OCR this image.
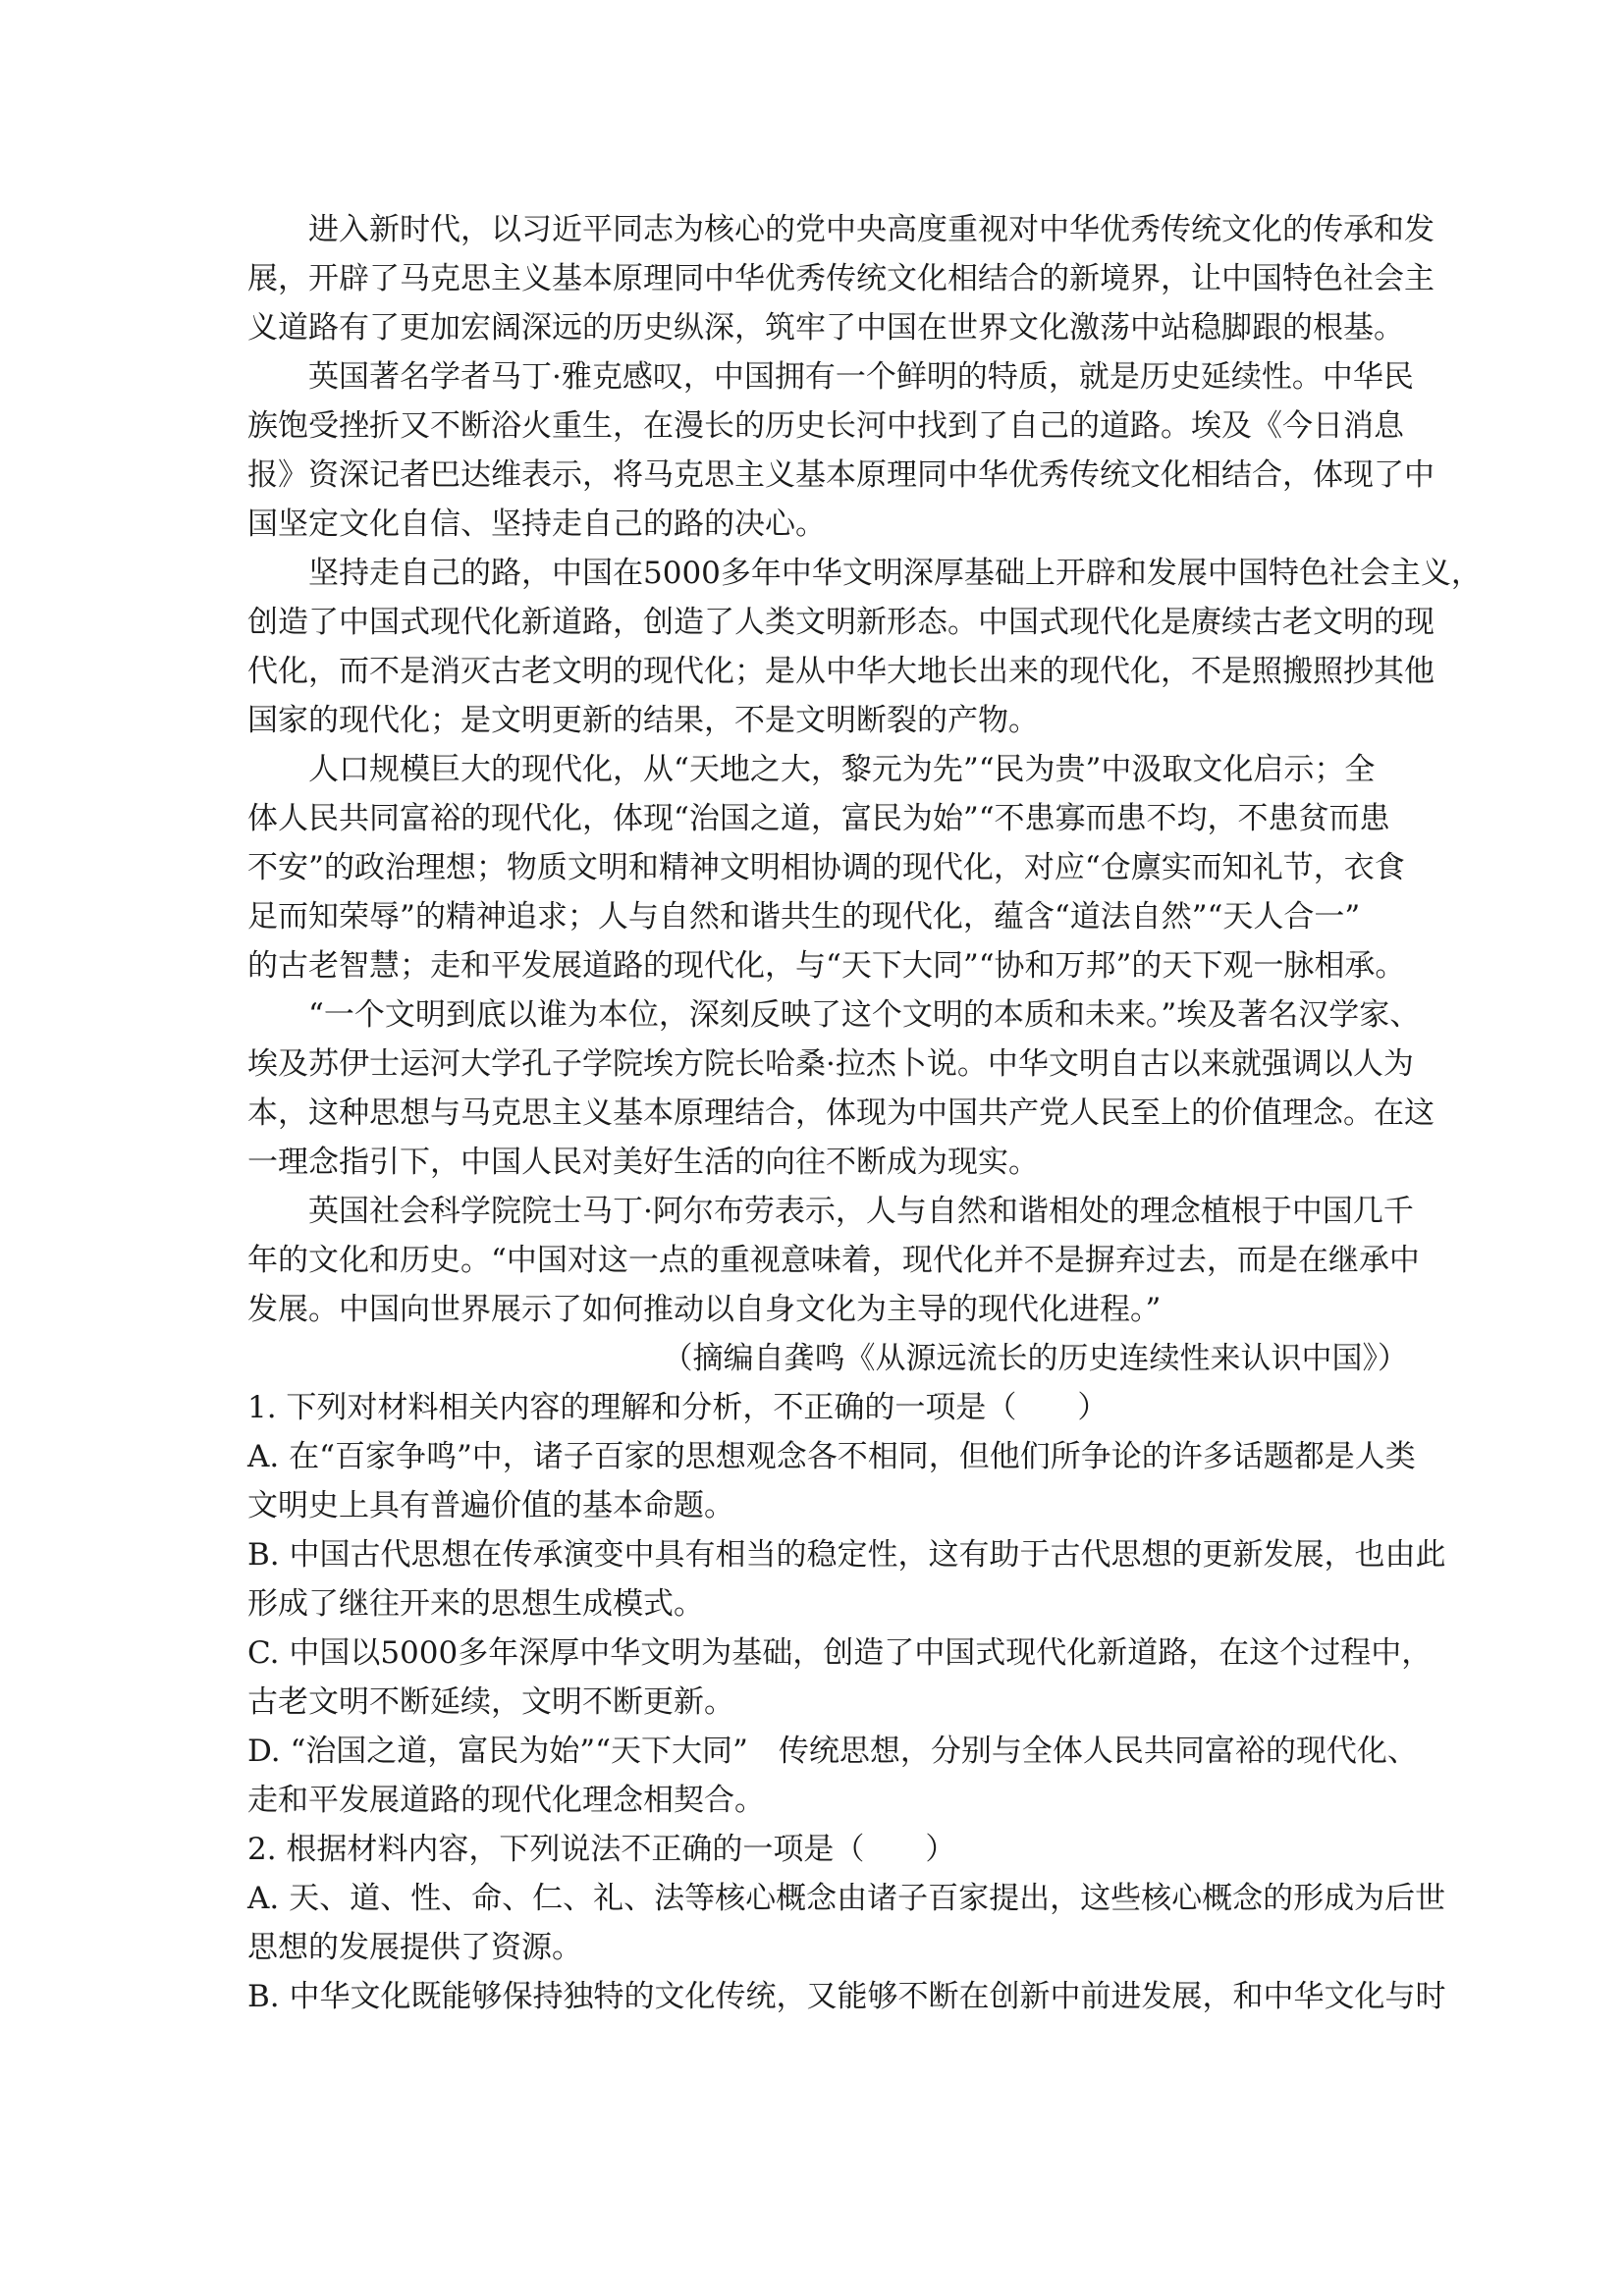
进入新时代，以习近平同志为核心的党中央高度重视对中华优秀传统文化的传承和发
展，开辟了马克思主义基本原理同中华优秀传统文化相结合的新境界，让中国特色社会主
义道路有了更加宏阔深远的历史纵深，筑牢了中国在世界文化激荡中站稳脚跟的根基。
英国著名学者马丁·雅克感叹，中国拥有一个鲜明的特质，就是历史延续性。中华民
族饱受挫折又不断浴火重生，在漫长的历史长河中找到了自己的道路。埃及《今日消息
报》资深记者巴达维表示，将马克思主义基本原理同中华优秀传统文化相结合，体现了中
国坚定文化自信、坚持走自己的路的决心。
坚持走自己的路，中国在5000多年中华文明深厚基础上开辟和发展中国特色社会主义，
创造了中国式现代化新道路，创造了人类文明新形态。中国式现代化是赓续古老文明的现
代化，而不是消灭古老文明的现代化；是从中华大地长出来的现代化，不是照搬照抄其他
国家的现代化；是文明更新的结果，不是文明断裂的产物。
人口规模巨大的现代化，从“天地之大，黎元为先”“民为贵”中汲取文化启示；全
体人民共同富裕的现代化，体现“治国之道，富民为始”“不患寡而患不均，不患贫而患
不安”的政治理想；物质文明和精神文明相协调的现代化，对应“仓廪实而知礼节，衣食
足而知荣辱”的精神追求；人与自然和谐共生的现代化，蕴含“道法自然”“天人合一”
的古老智慧；走和平发展道路的现代化，与“天下大同”“协和万邦”的天下观一脉相承。
“一个文明到底以谁为本位，深刻反映了这个文明的本质和未来。”埃及著名汉学家、
埃及苏伊士运河大学孔子学院埃方院长哈桑·拉杰卜说。中华文明自古以来就强调以人为
本，这种思想与马克思主义基本原理结合，体现为中国共产党人民至上的价值理念。在这
一理念指引下，中国人民对美好生活的向往不断成为现实。
英国社会科学院院士马丁·阿尔布劳表示，人与自然和谐相处的理念植根于中国几千
年的文化和历史。“中国对这一点的重视意味着，现代化并不是摒弃过去，而是在继承中
发展。中国向世界展示了如何推动以自身文化为主导的现代化进程。”
（摘编自龚鸣《从源远流长的历史连续性来认识中国》）
1. 下列对材料相关内容的理解和分析，不正确的一项是（　　）
A. 在“百家争鸣”中，诸子百家的思想观念各不相同，但他们所争论的许多话题都是人类
文明史上具有普遍价值的基本命题。
B. 中国古代思想在传承演变中具有相当的稳定性，这有助于古代思想的更新发展，也由此
形成了继往开来的思想生成模式。
C. 中国以5000多年深厚中华文明为基础，创造了中国式现代化新道路，在这个过程中，
古老文明不断延续，文明不断更新。
D. “治国之道，富民为始”“天下大同”　传统思想，分别与全体人民共同富裕的现代化、
走和平发展道路的现代化理念相契合。
2. 根据材料内容，下列说法不正确的一项是（　　）
A. 天、道、性、命、仁、礼、法等核心概念由诸子百家提出，这些核心概念的形成为后世
思想的发展提供了资源。
B. 中华文化既能够保持独特的文化传统，又能够不断在创新中前进发展，和中华文化与时
